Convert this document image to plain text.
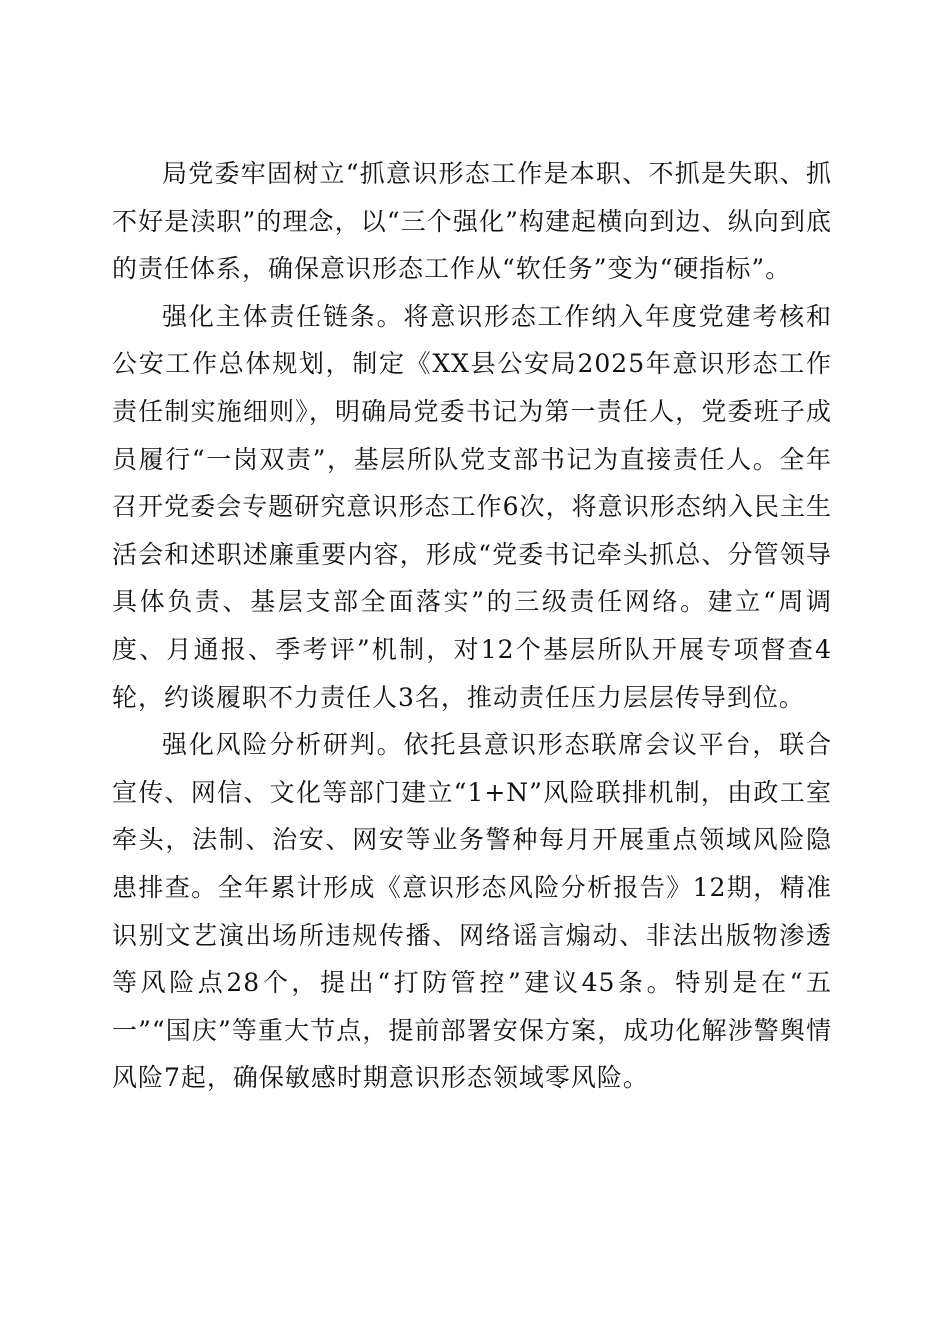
局党委牢固树立“抓意识形态工作是本职、不抓是失职、抓不好是渎职”的理念，以“三个强化”构建起横向到边、纵向到底的责任体系，确保意识形态工作从“软任务”变为“硬指标”。

强化主体责任链条。将意识形态工作纳入年度党建考核和公安工作总体规划，制定《XX县公安局2025年意识形态工作责任制实施细则》，明确局党委书记为第一责任人，党委班子成员履行“一岗双责”，基层所队党支部书记为直接责任人。全年召开党委会专题研究意识形态工作6次，将意识形态纳入民主生活会和述职述廉重要内容，形成“党委书记牵头抓总、分管领导具体负责、基层支部全面落实”的三级责任网络。建立“周调度、月通报、季考评”机制，对12个基层所队开展专项督查4轮，约谈履职不力责任人3名，推动责任压力层层传导到位。

强化风险分析研判。依托县意识形态联席会议平台，联合宣传、网信、文化等部门建立“1+N”风险联排机制，由政工室牵头，法制、治安、网安等业务警种每月开展重点领域风险隐患排查。全年累计形成《意识形态风险分析报告》12期，精准识别文艺演出场所违规传播、网络谣言煽动、非法出版物渗透等风险点28个，提出“打防管控”建议45条。特别是在“五一”“国庆”等重大节点，提前部署安保方案，成功化解涉警舆情风险7起，确保敏感时期意识形态领域零风险。
